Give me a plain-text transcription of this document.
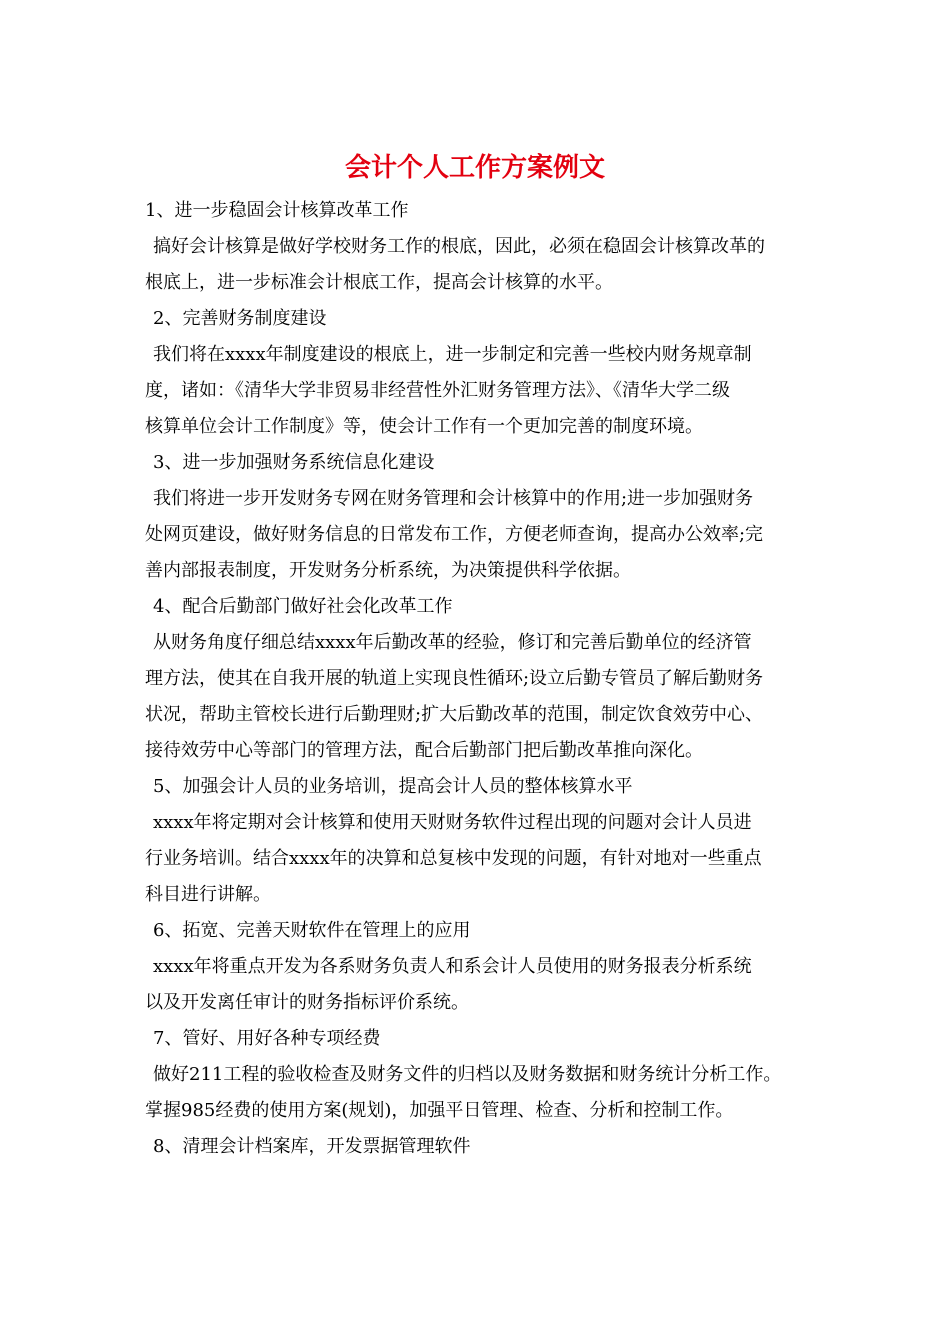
会计个人工作方案例文
1、进一步稳固会计核算改革工作
搞好会计核算是做好学校财务工作的根底，因此，必须在稳固会计核算改革的
根底上，进一步标准会计根底工作，提高会计核算的水平。
2、完善财务制度建设
我们将在xxxx年制度建设的根底上，进一步制定和完善一些校内财务规章制
度，诸如：《清华大学非贸易非经营性外汇财务管理方法》、《清华大学二级
核算单位会计工作制度》等，使会计工作有一个更加完善的制度环境。
3、进一步加强财务系统信息化建设
我们将进一步开发财务专网在财务管理和会计核算中的作用;进一步加强财务
处网页建设，做好财务信息的日常发布工作，方便老师查询，提高办公效率;完
善内部报表制度，开发财务分析系统，为决策提供科学依据。
4、配合后勤部门做好社会化改革工作
从财务角度仔细总结xxxx年后勤改革的经验，修订和完善后勤单位的经济管
理方法，使其在自我开展的轨道上实现良性循环;设立后勤专管员了解后勤财务
状况，帮助主管校长进行后勤理财;扩大后勤改革的范围，制定饮食效劳中心、
接待效劳中心等部门的管理方法，配合后勤部门把后勤改革推向深化。
5、加强会计人员的业务培训，提高会计人员的整体核算水平
xxxx年将定期对会计核算和使用天财财务软件过程出现的问题对会计人员进
行业务培训。结合xxxx年的决算和总复核中发现的问题，有针对地对一些重点
科目进行讲解。
6、拓宽、完善天财软件在管理上的应用
xxxx年将重点开发为各系财务负责人和系会计人员使用的财务报表分析系统
以及开发离任审计的财务指标评价系统。
7、管好、用好各种专项经费
做好211工程的验收检查及财务文件的归档以及财务数据和财务统计分析工作。
掌握985经费的使用方案(规划)，加强平日管理、检查、分析和控制工作。
8、清理会计档案库，开发票据管理软件
